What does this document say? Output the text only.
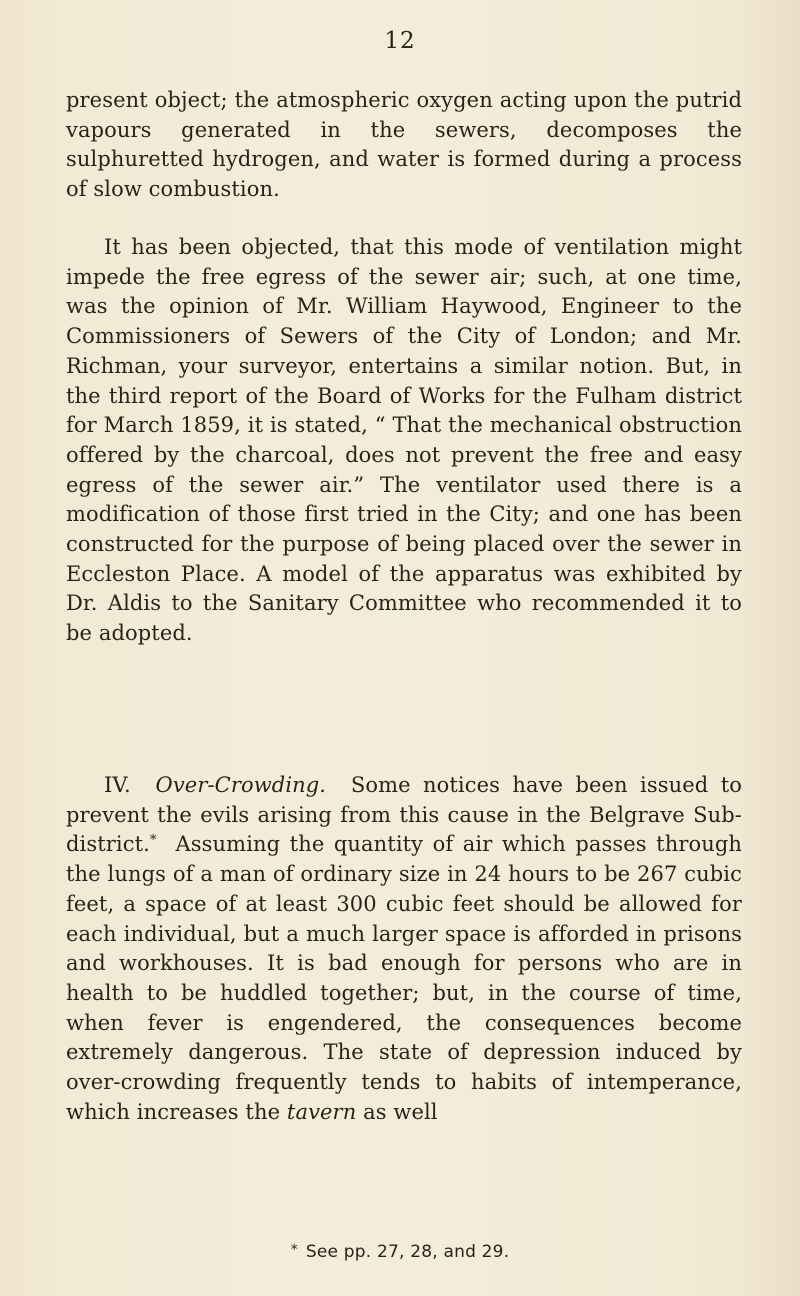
12

present object; the atmospheric oxygen acting upon the putrid vapours generated in the sewers, decomposes the sulphuretted hydrogen, and water is formed during a process of slow combustion.

It has been objected, that this mode of ventilation might impede the free egress of the sewer air; such, at one time, was the opinion of Mr. William Haywood, Engineer to the Commissioners of Sewers of the City of London; and Mr. Richman, your surveyor, entertains a similar notion. But, in the third report of the Board of Works for the Fulham district for March 1859, it is stated, “ That the mechanical obstruction offered by the charcoal, does not prevent the free and easy egress of the sewer air.” The ventilator used there is a modification of those first tried in the City; and one has been constructed for the purpose of being placed over the sewer in Eccleston Place. A model of the apparatus was exhibited by Dr. Aldis to the Sanitary Committee who recommended it to be adopted.

IV. Over-Crowding. Some notices have been issued to prevent the evils arising from this cause in the Belgrave Sub-district.* Assuming the quantity of air which passes through the lungs of a man of ordinary size in 24 hours to be 267 cubic feet, a space of at least 300 cubic feet should be allowed for each individual, but a much larger space is afforded in prisons and workhouses. It is bad enough for persons who are in health to be huddled together; but, in the course of time, when fever is engendered, the consequences become extremely dangerous. The state of depression induced by over-crowding frequently tends to habits of intemperance, which increases the tavern as well

* See pp. 27, 28, and 29.
